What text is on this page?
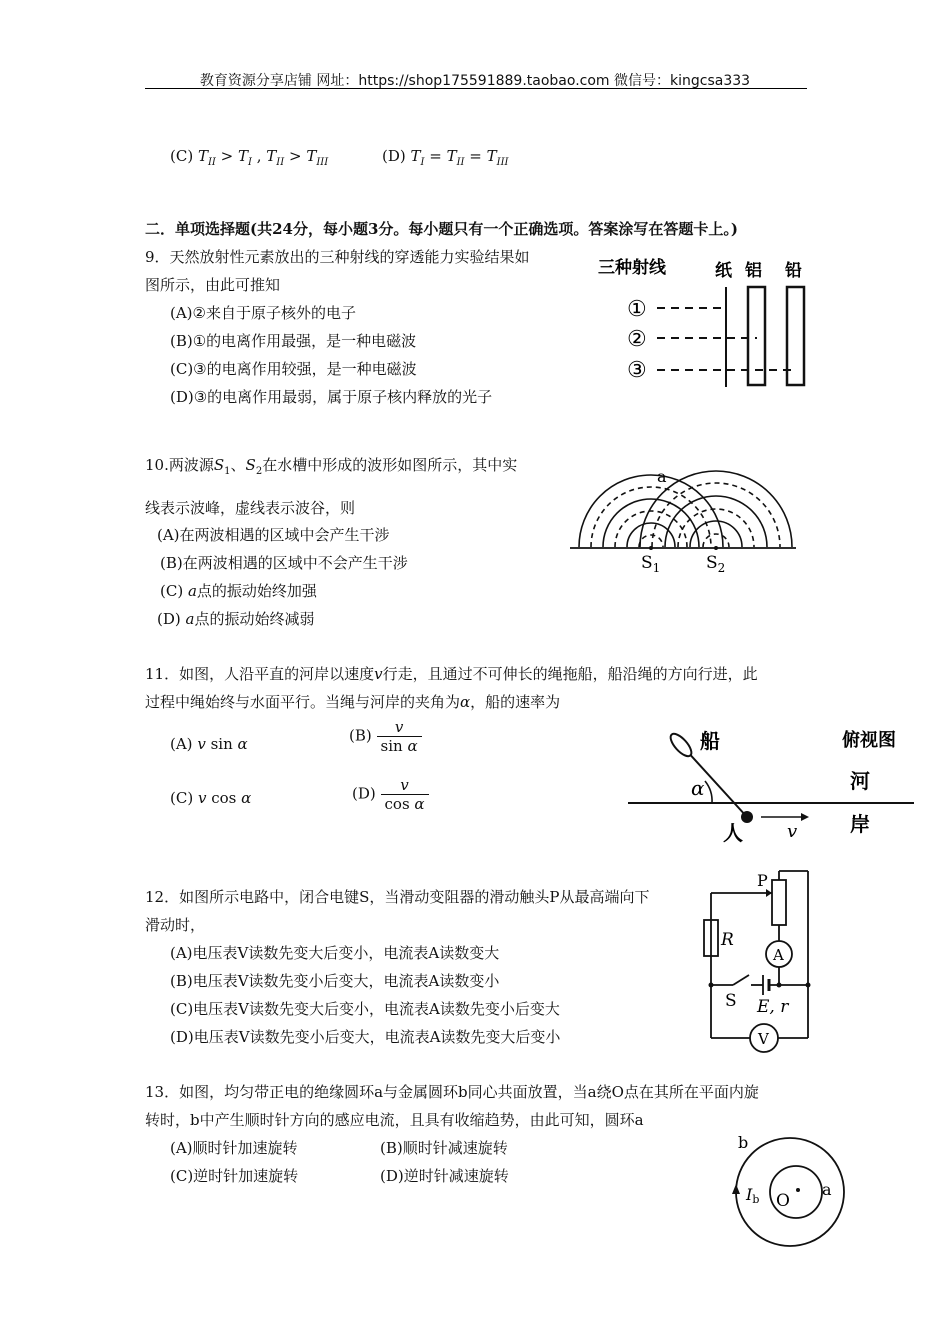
教育资源分享店铺 网址：https://shop175591889.taobao.com 微信号：kingcsa333
(C) $T_{II} > T_I$ , $T_{II} > T_{III}$	(D) $T_I = T_{II} = T_{III}$
二．单项选择题(共24分，每小题3分。每小题只有一个正确选项。答案涂写在答题卡上。)
9．天然放射性元素放出的三种射线的穿透能力实验结果如
图所示，由此可推知
(A)②来自于原子核外的电子
(B)①的电离作用最强，是一种电磁波
(C)③的电离作用较强，是一种电磁波
(D)③的电离作用最弱，属于原子核内释放的光子
三种射线	纸 铝 铅
①
②
③
10.两波源$S_1$、$S_2$在水槽中形成的波形如图所示，其中实
线表示波峰，虚线表示波谷，则
(A)在两波相遇的区域中会产生干涉
(B)在两波相遇的区域中不会产生干涉
(C) a点的振动始终加强
(D) a点的振动始终减弱
a
$S_1$	$S_2$
11．如图，人沿平直的河岸以速度v行走，且通过不可伸长的绳拖船，船沿绳的方向行进，此
过程中绳始终与水面平行。当绳与河岸的夹角为α，船的速率为
(A) v sin α	$(B) \frac{v}{\text{sin α}}$
(C) v cos α	$(D) \frac{v}{\text{cos α}}$
船	俯视图
河
岸
人
α
v
12．如图所示电路中，闭合电键S，当滑动变阻器的滑动触头P从最高端向下
滑动时，
(A)电压表V读数先变大后变小，电流表A读数变大
(B)电压表V读数先变小后变大，电流表A读数变小
(C)电压表V读数先变大后变小，电流表A读数先变小后变大
(D)电压表V读数先变小后变大，电流表A读数先变大后变小
P
R
A
S E, r
V
13．如图，均匀带正电的绝缘圆环a与金属圆环b同心共面放置，当a绕O点在其所在平面内旋
转时，b中产生顺时针方向的感应电流，且具有收缩趋势，由此可知，圆环a
(A)顺时针加速旋转	(B)顺时针减速旋转
(C)逆时针加速旋转	(D)逆时针减速旋转
b
a
O
Ib
